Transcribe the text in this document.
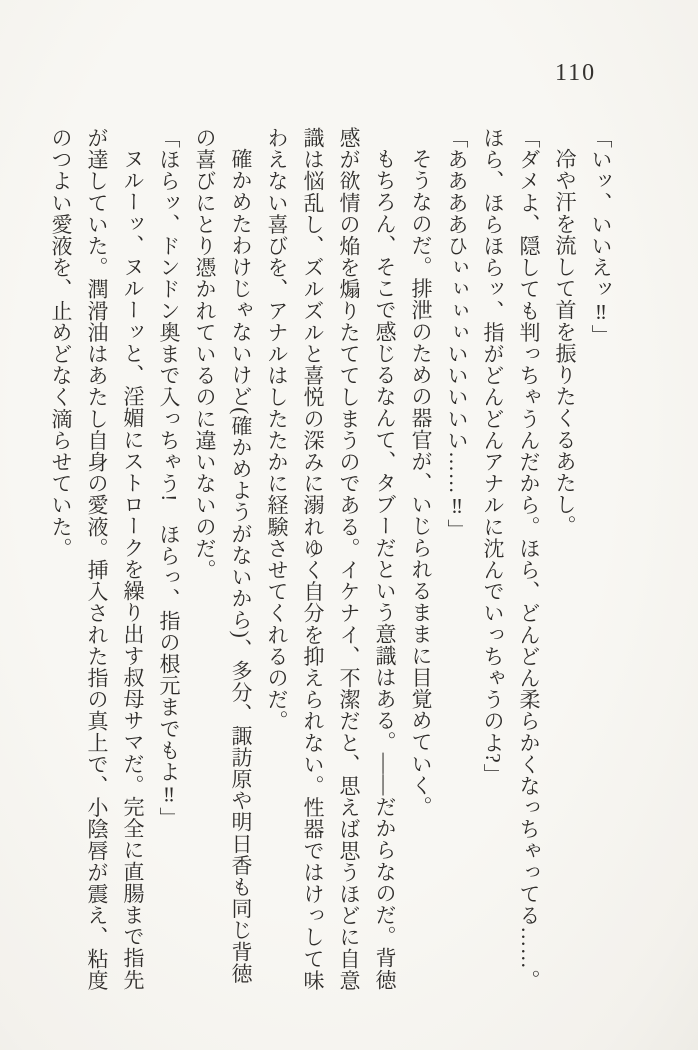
110
「いッ、いいえッ‼」
冷や汗を流して首を振りたくるあたし。
「ダメよ、隠しても判っちゃうんだから。ほら、どんどん柔らかくなっちゃってる……。
ほら、ほらほらッ、指がどんどんアナルに沈んでいっちゃうのよ?」
「ああああひぃぃぃぃいいいいい……‼」
そうなのだ。排泄のための器官が、いじられるままに目覚めていく。
もちろん、そこで感じるなんて、タブーだという意識はある。――だからなのだ。背徳
感が欲情の焔を煽りたててしまうのである。イケナイ、不潔だと、思えば思うほどに自意
識は悩乱し、ズルズルと喜悦の深みに溺れゆく自分を抑えられない。性器ではけっして味
わえない喜びを、アナルはしたたかに経験させてくれるのだ。
確かめたわけじゃないけど(確かめようがないから)、多分、諏訪原や明日香も同じ背徳
の喜びにとり憑かれているのに違いないのだ。
「ほらッ、ドンドン奥まで入っちゃう!　ほらっ、指の根元までもよ‼」
ヌルーッ、ヌルーッと、淫媚にストロークを繰り出す叔母サマだ。完全に直腸まで指先
が達していた。潤滑油はあたし自身の愛液。挿入された指の真上で、小陰唇が震え、粘度
のつよい愛液を、止めどなく滴らせていた。
